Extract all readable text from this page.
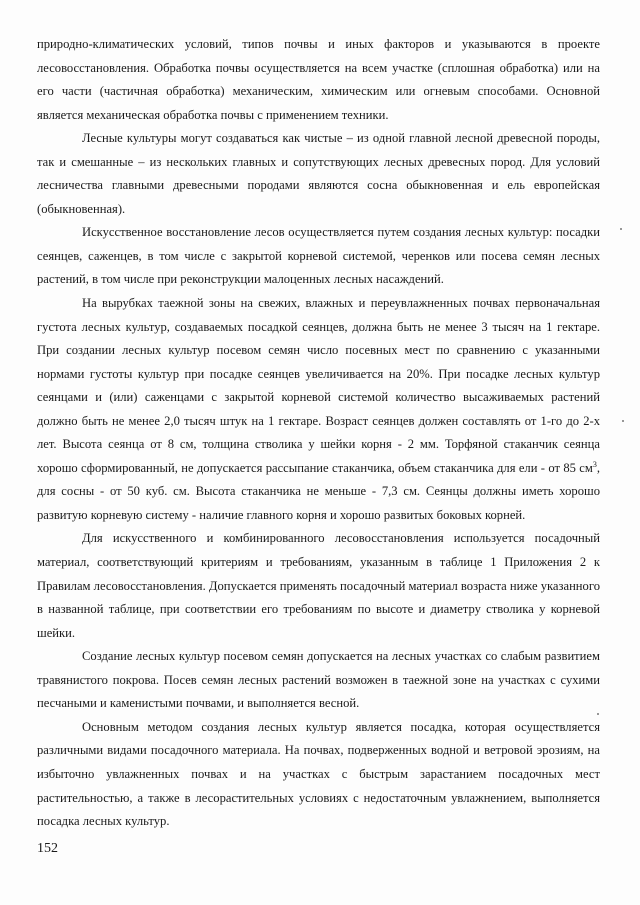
природно-климатических условий, типов почвы и иных факторов и указываются в проекте лесовосстановления. Обработка почвы осуществляется на всем участке (сплошная обработка) или на его части (частичная обработка) механическим, химическим или огневым способами. Основной является механическая обработка почвы с применением техники.

Лесные культуры могут создаваться как чистые – из одной главной лесной древесной породы, так и смешанные – из нескольких главных и сопутствующих лесных древесных пород. Для условий лесничества главными древесными породами являются сосна обыкновенная и ель европейская (обыкновенная).

Искусственное восстановление лесов осуществляется путем создания лесных культур: посадки сеянцев, саженцев, в том числе с закрытой корневой системой, черенков или посева семян лесных растений, в том числе при реконструкции малоценных лесных насаждений.

На вырубках таежной зоны на свежих, влажных и переувлажненных почвах первоначальная густота лесных культур, создаваемых посадкой сеянцев, должна быть не менее 3 тысяч на 1 гектаре. При создании лесных культур посевом семян число посевных мест по сравнению с указанными нормами густоты культур при посадке сеянцев увеличивается на 20%. При посадке лесных культур сеянцами и (или) саженцами с закрытой корневой системой количество высаживаемых растений должно быть не менее 2,0 тысяч штук на 1 гектаре. Возраст сеянцев должен составлять от 1-го до 2-х лет. Высота сеянца от 8 см, толщина стволика у шейки корня - 2 мм. Торфяной стаканчик сеянца хорошо сформированный, не допускается рассыпание стаканчика, объем стаканчика для ели - от 85 $см^3$, для сосны - от 50 куб. см. Высота стаканчика не меньше - 7,3 см. Сеянцы должны иметь хорошо развитую корневую систему - наличие главного корня и хорошо развитых боковых корней.

Для искусственного и комбинированного лесовосстановления используется посадочный материал, соответствующий критериям и требованиям, указанным в таблице 1 Приложения 2 к Правилам лесовосстановления. Допускается применять посадочный материал возраста ниже указанного в названной таблице, при соответствии его требованиям по высоте и диаметру стволика у корневой шейки.

Создание лесных культур посевом семян допускается на лесных участках со слабым развитием травянистого покрова. Посев семян лесных растений возможен в таежной зоне на участках с сухими песчаными и каменистыми почвами, и выполняется весной.

Основным методом создания лесных культур является посадка, которая осуществляется различными видами посадочного материала. На почвах, подверженных водной и ветровой эрозиям, на избыточно увлажненных почвах и на участках с быстрым зарастанием посадочных мест растительностью, а также в лесорастительных условиях с недостаточным увлажнением, выполняется посадка лесных культур.

152
